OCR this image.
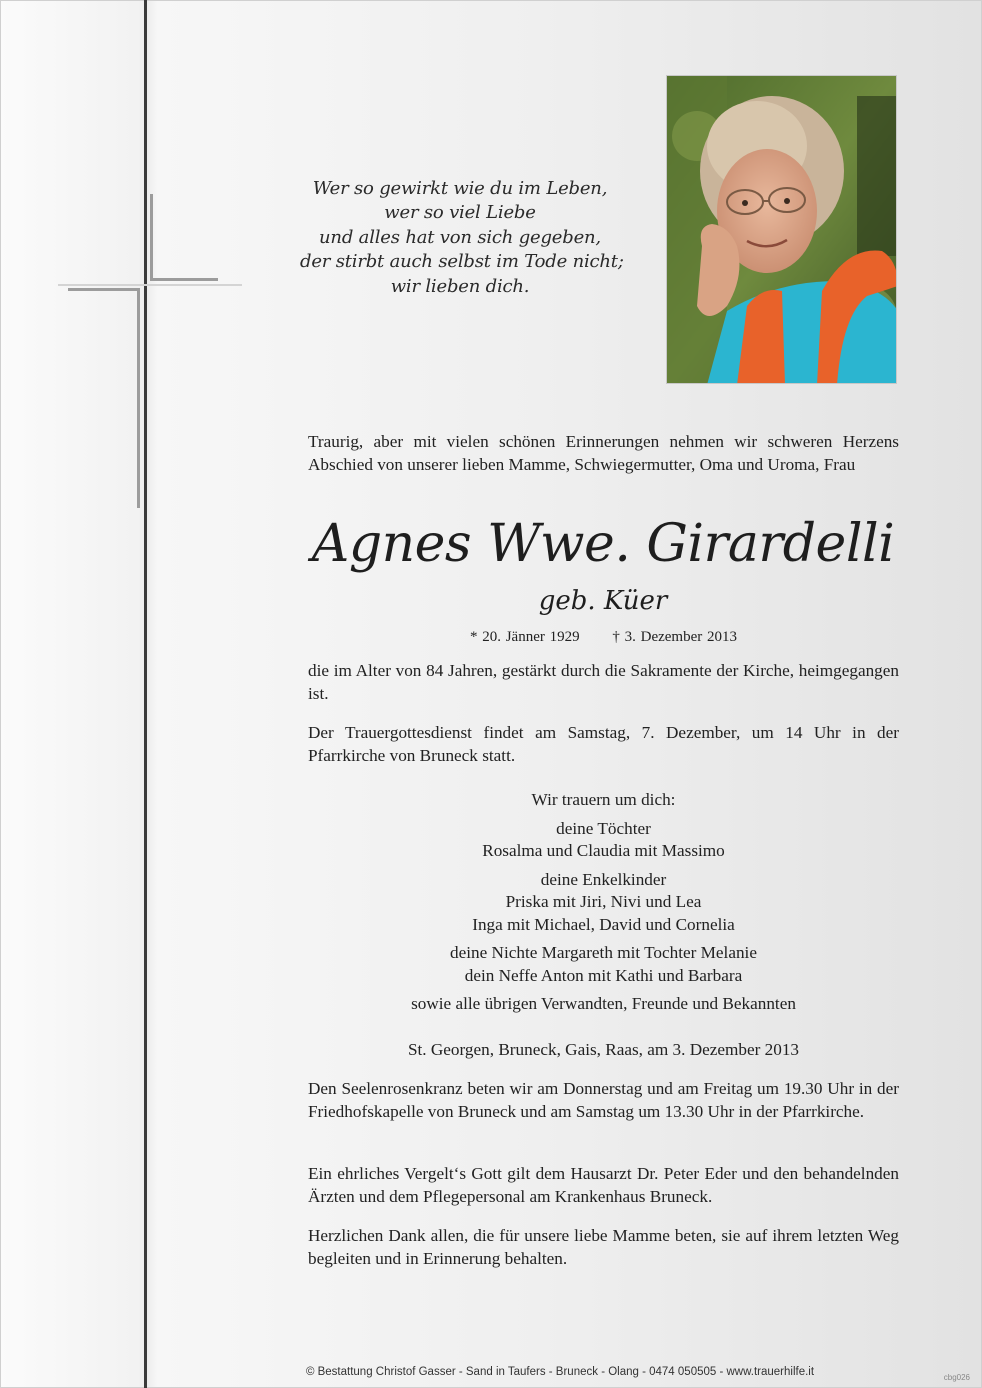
Wer so gewirkt wie du im Leben,
wer so viel Liebe
und alles hat von sich gegeben,
der stirbt auch selbst im Tode nicht;
wir lieben dich.
Traurig, aber mit vielen schönen Erinnerungen nehmen wir schweren Herzens Abschied von unserer lieben Mamme, Schwiegermutter, Oma und Uroma, Frau
Agnes Wwe. Girardelli
geb. Küer
* 20. Jänner 1929 † 3. Dezember 2013
die im Alter von 84 Jahren, gestärkt durch die Sakramente der Kirche, heimgegangen ist.
Der Trauergottesdienst findet am Samstag, 7. Dezember, um 14 Uhr in der Pfarrkirche von Bruneck statt.
Wir trauern um dich:
deine Töchter
Rosalma und Claudia mit Massimo
deine Enkelkinder
Priska mit Jiri, Nivi und Lea
Inga mit Michael, David und Cornelia
deine Nichte Margareth mit Tochter Melanie
dein Neffe Anton mit Kathi und Barbara
sowie alle übrigen Verwandten, Freunde und Bekannten
St. Georgen, Bruneck, Gais, Raas, am 3. Dezember 2013
Den Seelenrosenkranz beten wir am Donnerstag und am Freitag um 19.30 Uhr in der Friedhofskapelle von Bruneck und am Samstag um 13.30 Uhr in der Pfarrkirche.
Ein ehrliches Vergelt‘s Gott gilt dem Hausarzt Dr. Peter Eder und den behandelnden Ärzten und dem Pflegepersonal am Krankenhaus Bruneck.
Herzlichen Dank allen, die für unsere liebe Mamme beten, sie auf ihrem letzten Weg begleiten und in Erinnerung behalten.
© Bestattung Christof Gasser - Sand in Taufers - Bruneck - Olang - 0474 050505 - www.trauerhilfe.it	cbg026
